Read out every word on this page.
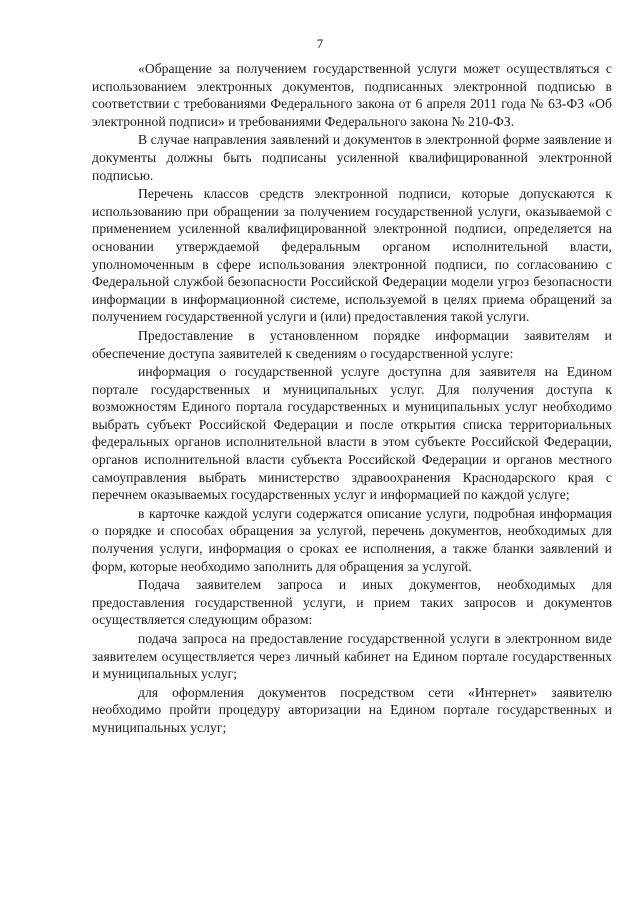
7

«Обращение за получением государственной услуги может осуществляться с использованием электронных документов, подписанных электронной подписью в соответствии с требованиями Федерального закона от 6 апреля 2011 года № 63-ФЗ «Об электронной подписи» и требованиями Федерального закона № 210-ФЗ.

В случае направления заявлений и документов в электронной форме заявление и документы должны быть подписаны усиленной квалифицированной электронной подписью.

Перечень классов средств электронной подписи, которые допускаются к использованию при обращении за получением государственной услуги, оказываемой с применением усиленной квалифицированной электронной подписи, определяется на основании утверждаемой федеральным органом исполнительной власти, уполномоченным в сфере использования электронной подписи, по согласованию с Федеральной службой безопасности Российской Федерации модели угроз безопасности информации в информационной системе, используемой в целях приема обращений за получением государственной услуги и (или) предоставления такой услуги.

Предоставление в установленном порядке информации заявителям и обеспечение доступа заявителей к сведениям о государственной услуге:

информация о государственной услуге доступна для заявителя на Едином портале государственных и муниципальных услуг. Для получения доступа к возможностям Единого портала государственных и муниципальных услуг необходимо выбрать субъект Российской Федерации и после открытия списка территориальных федеральных органов исполнительной власти в этом субъекте Российской Федерации, органов исполнительной власти субъекта Российской Федерации и органов местного самоуправления выбрать министерство здравоохранения Краснодарского края с перечнем оказываемых государственных услуг и информацией по каждой услуге;

в карточке каждой услуги содержатся описание услуги, подробная информация о порядке и способах обращения за услугой, перечень документов, необходимых для получения услуги, информация о сроках ее исполнения, а также бланки заявлений и форм, которые необходимо заполнить для обращения за услугой.

Подача заявителем запроса и иных документов, необходимых для предоставления государственной услуги, и прием таких запросов и документов осуществляется следующим образом:

подача запроса на предоставление государственной услуги в электронном виде заявителем осуществляется через личный кабинет на Едином портале государственных и муниципальных услуг;

для оформления документов посредством сети «Интернет» заявителю необходимо пройти процедуру авторизации на Едином портале государственных и муниципальных услуг;
